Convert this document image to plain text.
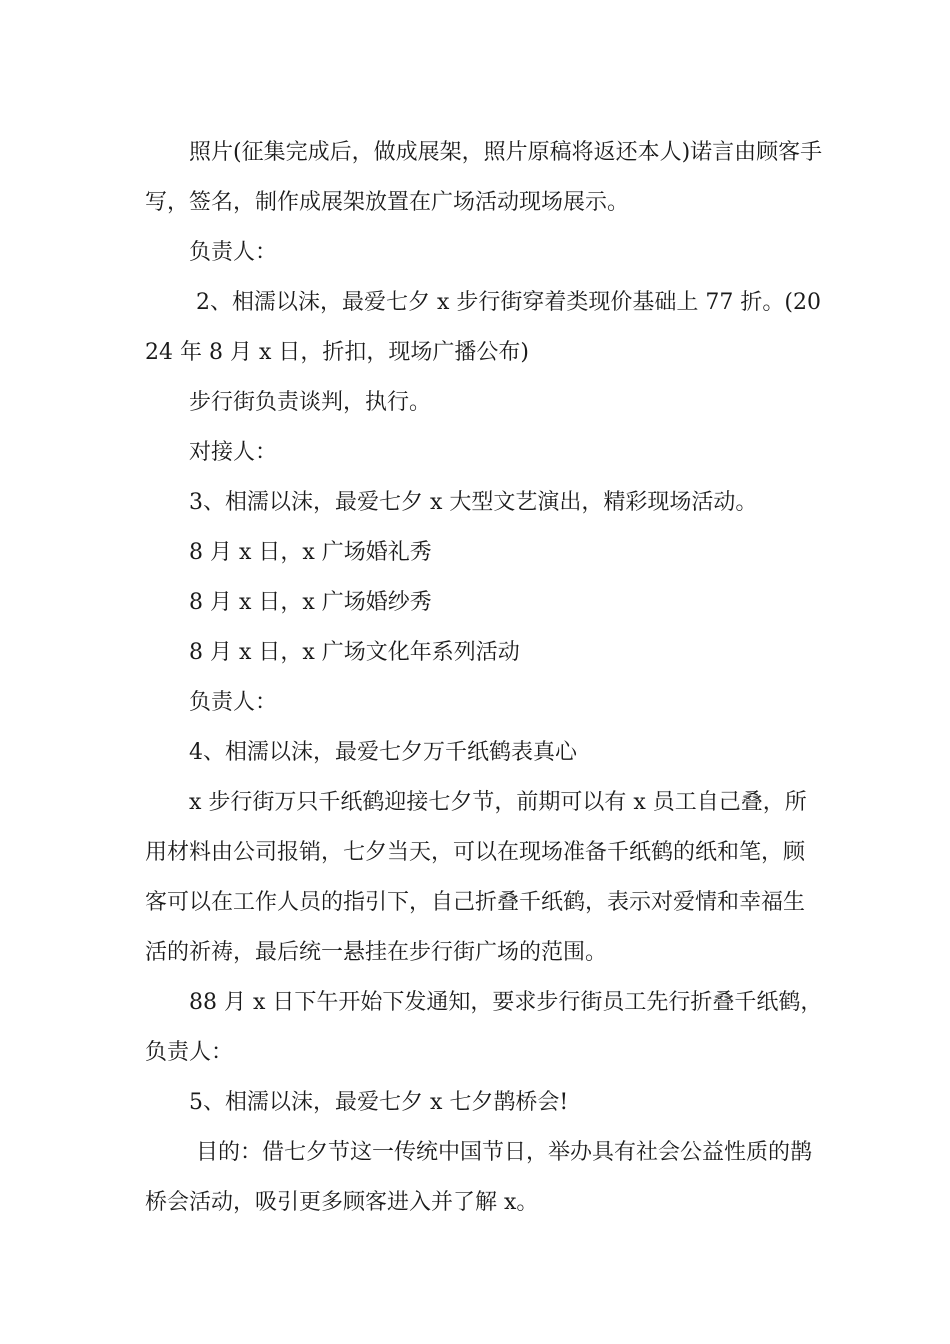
照片(征集完成后，做成展架，照片原稿将返还本人)诺言由顾客手写，签名，制作成展架放置在广场活动现场展示。

负责人：

2、相濡以沫，最爱七夕 x 步行街穿着类现价基础上 77 折。(2024 年 8 月 x 日，折扣，现场广播公布)

步行街负责谈判，执行。

对接人：

3、相濡以沫，最爱七夕 x 大型文艺演出，精彩现场活动。

8 月 x 日，x 广场婚礼秀

8 月 x 日，x 广场婚纱秀

8 月 x 日，x 广场文化年系列活动

负责人：

4、相濡以沫，最爱七夕万千纸鹤表真心

x 步行街万只千纸鹤迎接七夕节，前期可以有 x 员工自己叠，所用材料由公司报销，七夕当天，可以在现场准备千纸鹤的纸和笔，顾客可以在工作人员的指引下，自己折叠千纸鹤，表示对爱情和幸福生活的祈祷，最后统一悬挂在步行街广场的范围。

88 月 x 日下午开始下发通知，要求步行街员工先行折叠千纸鹤，负责人：

5、相濡以沫，最爱七夕 x 七夕鹊桥会!

目的：借七夕节这一传统中国节日，举办具有社会公益性质的鹊桥会活动，吸引更多顾客进入并了解 x。
